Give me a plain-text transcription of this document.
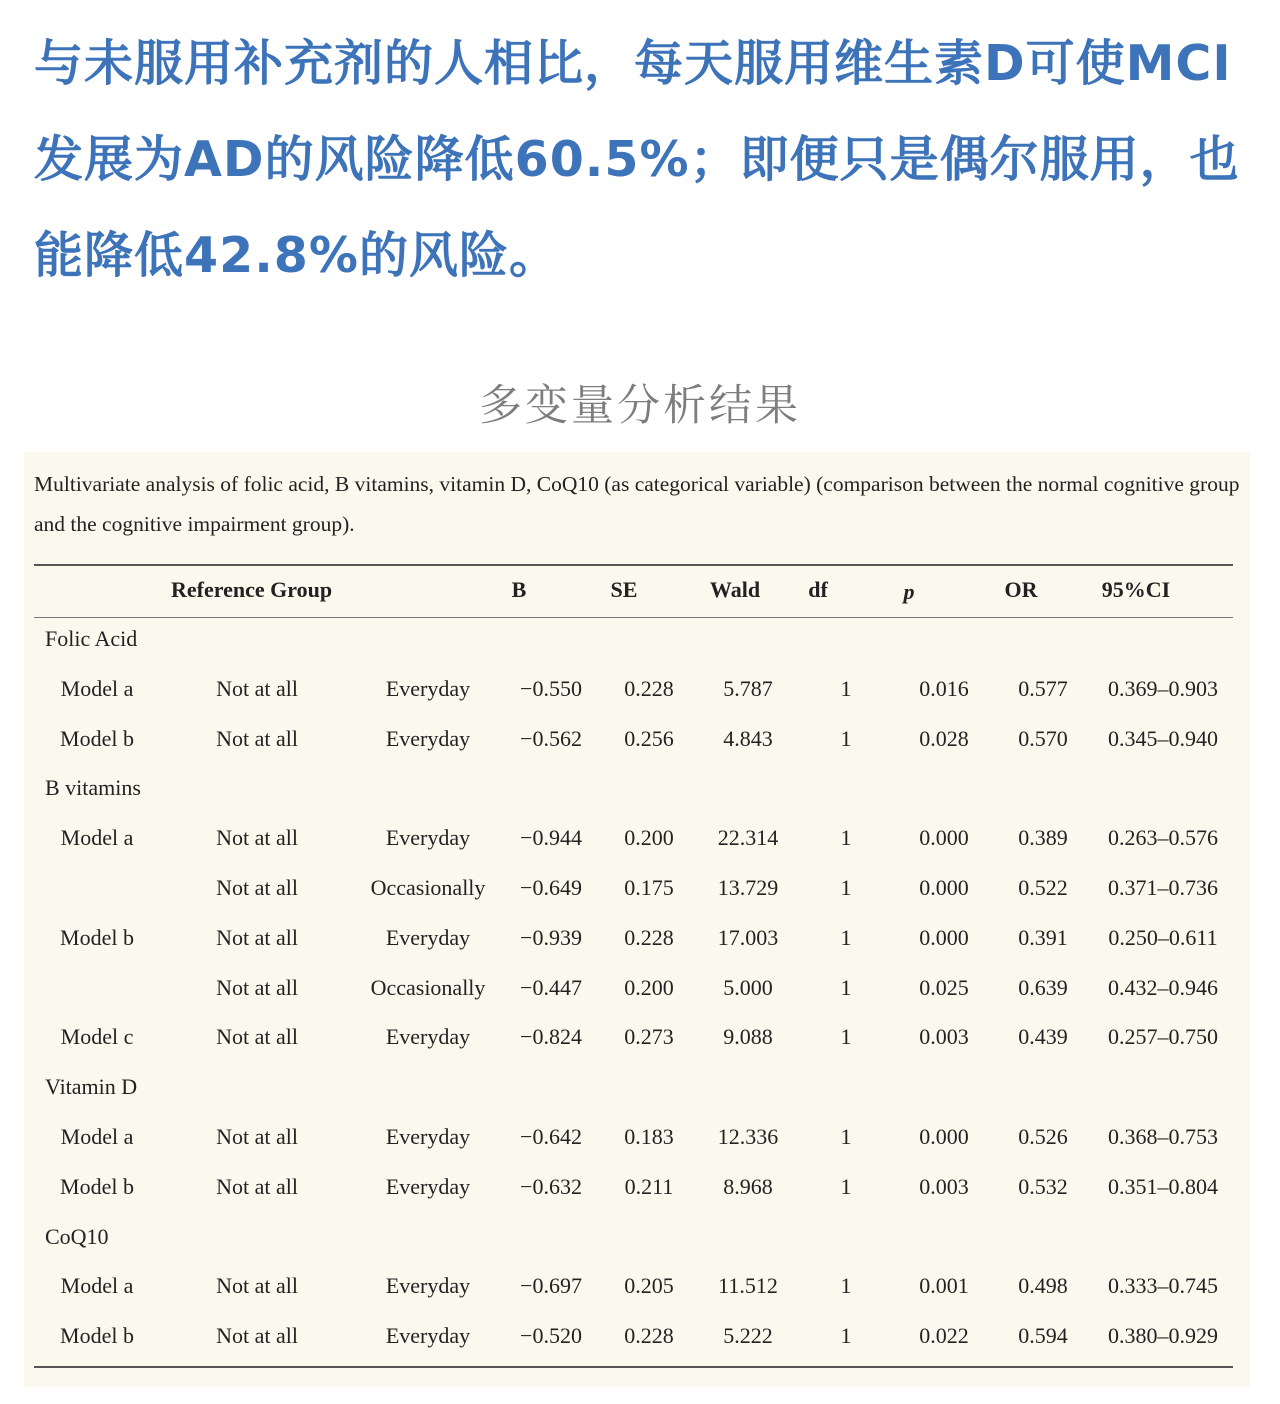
与未服用补充剂的人相比，每天服用维生素D可使MCI发展为AD的风险降低60.5%；即便只是偶尔服用，也能降低42.8%的风险。

多变量分析结果

Multivariate analysis of folic acid, B vitamins, vitamin D, CoQ10 (as categorical variable) (comparison between the normal cognitive group and the cognitive impairment group).

Reference Group	B	SE	Wald df	p	OR	95%CI
Folic Acid
Model a	Not at all	Everyday −0.550 0.228 5.787	1	0.016 0.577 0.369–0.903
Model b	Not at all	Everyday −0.562 0.256 4.843	1	0.028 0.570 0.345–0.940
B vitamins
Model a	Not at all	Everyday −0.944 0.200 22.314	1	0.000 0.389 0.263–0.576
Not at all	Occasionally −0.649 0.175 13.729	1	0.000 0.522 0.371–0.736
Model b	Not at all	Everyday −0.939 0.228 17.003	1	0.000 0.391 0.250–0.611
Not at all	Occasionally −0.447 0.200 5.000	1	0.025 0.639 0.432–0.946
Model c	Not at all	Everyday −0.824 0.273 9.088	1	0.003 0.439 0.257–0.750
Vitamin D
Model a	Not at all	Everyday −0.642 0.183 12.336	1	0.000 0.526 0.368–0.753
Model b	Not at all	Everyday −0.632 0.211 8.968	1	0.003 0.532 0.351–0.804
CoQ10
Model a	Not at all	Everyday −0.697 0.205 11.512	1	0.001 0.498 0.333–0.745
Model b	Not at all	Everyday −0.520 0.228 5.222	1	0.022 0.594 0.380–0.929
